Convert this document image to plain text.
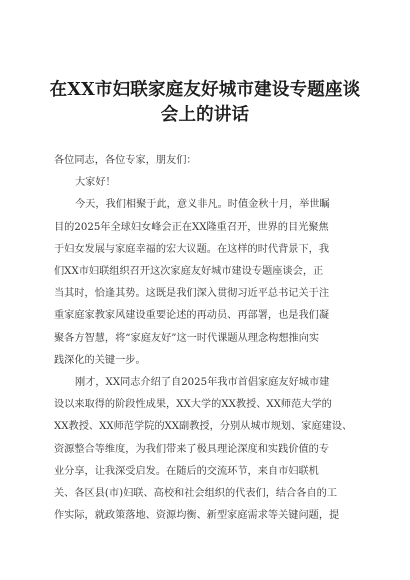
在XX市妇联家庭友好城市建设专题座谈
会上的讲话
各位同志，各位专家，朋友们：
大家好！
今天，我们相聚于此，意义非凡。时值金秋十月，举世瞩
目的2025年全球妇女峰会正在XX隆重召开，世界的目光聚焦
于妇女发展与家庭幸福的宏大议题。在这样的时代背景下，我
们XX市妇联组织召开这次家庭友好城市建设专题座谈会，正
当其时，恰逢其势。这既是我们深入贯彻习近平总书记关于注
重家庭家教家风建设重要论述的再动员、再部署，也是我们凝
聚各方智慧，将“家庭友好”这一时代课题从理念构想推向实
践深化的关键一步。
刚才，XX同志介绍了自2025年我市首倡家庭友好城市建
设以来取得的阶段性成果，XX大学的XX教授、XX师范大学的
XX教授、XX师范学院的XX副教授，分别从城市规划、家庭建设、
资源整合等维度，为我们带来了极具理论深度和实践价值的专
业分享，让我深受启发。在随后的交流环节，来自市妇联机
关、各区县(市)妇联、高校和社会组织的代表们，结合各自的工
作实际，就政策落地、资源均衡、新型家庭需求等关键问题，提
